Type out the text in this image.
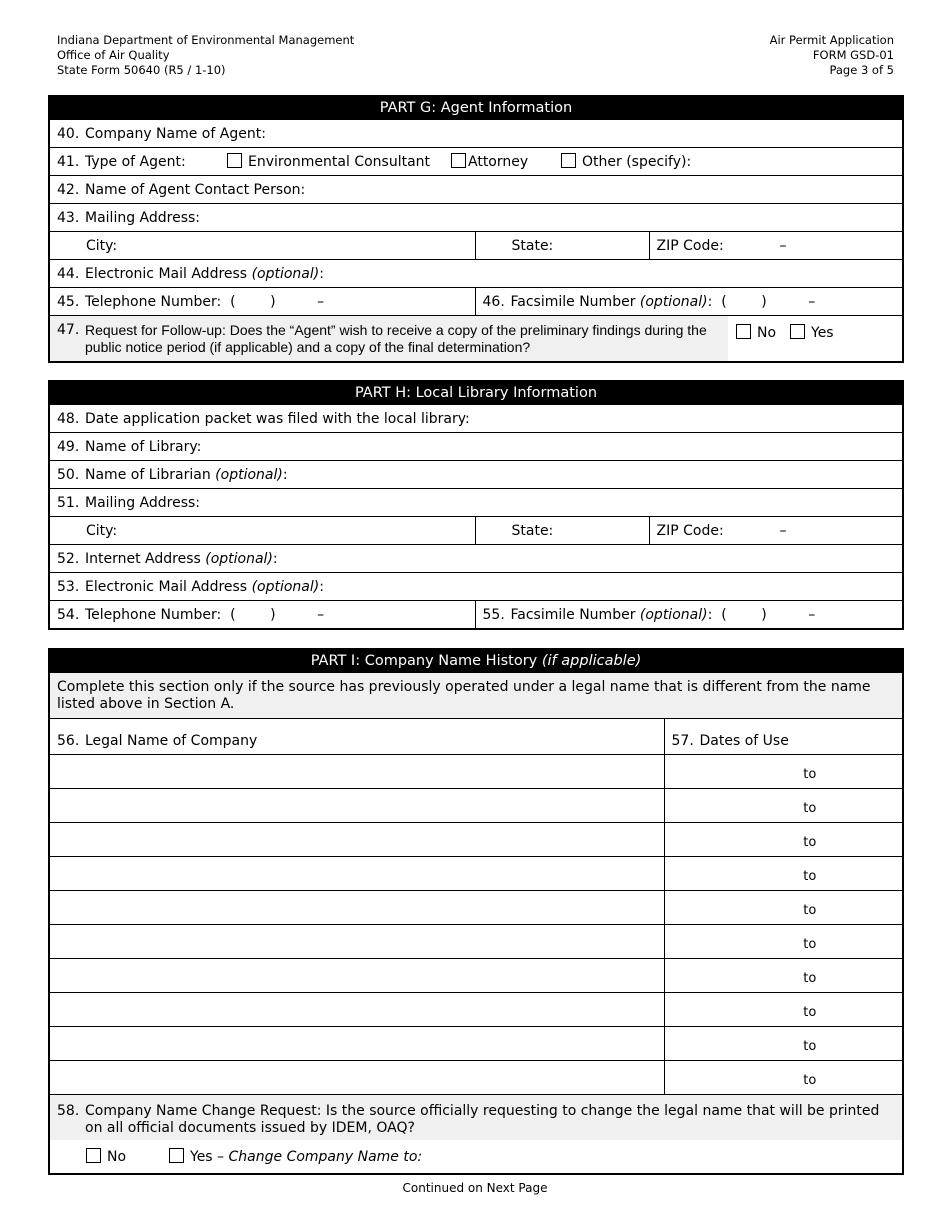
Indiana Department of Environmental Management
Office of Air Quality
State Form 50640 (R5 / 1-10)
Air Permit Application
FORM GSD-01
Page 3 of 5
PART G: Agent Information		
40. Company Name of Agent:		
41. Type of Agent: Environmental Consultant Attorney Other (specify):		
42. Name of Agent Contact Person:		
43. Mailing Address:		
City:	State:	ZIP Code: –
44. Electronic Mail Address (optional):		
45. Telephone Number: ( ) –	46. Facsimile Number (optional): ( ) –	

47. Request for Follow-up: Does the “Agent” wish to receive a copy of the preliminary findings during the public notice period (if applicable) and a copy of the final determination?
No Yes		
PART H: Local Library Information		
48. Date application packet was filed with the local library:		
49. Name of Library:		
50. Name of Librarian (optional):		
51. Mailing Address:		
City:	State:	ZIP Code: –
52. Internet Address (optional):		
53. Electronic Mail Address (optional):		
54. Telephone Number: ( ) –	55. Facsimile Number (optional): ( ) –	
PART I: Company Name History (if applicable)	
Complete this section only if the source has previously operated under a legal name that is different from the name listed above in Section A.	
56. Legal Name of Company	57. Dates of Use
	to
	to
	to
	to
	to
	to
	to
	to
	to
	to

58. Company Name Change Request: Is the source officially requesting to change the legal name that will be printed on all official documents issued by IDEM, OAQ?
No Yes – Change Company Name to:	
Continued on Next Page
